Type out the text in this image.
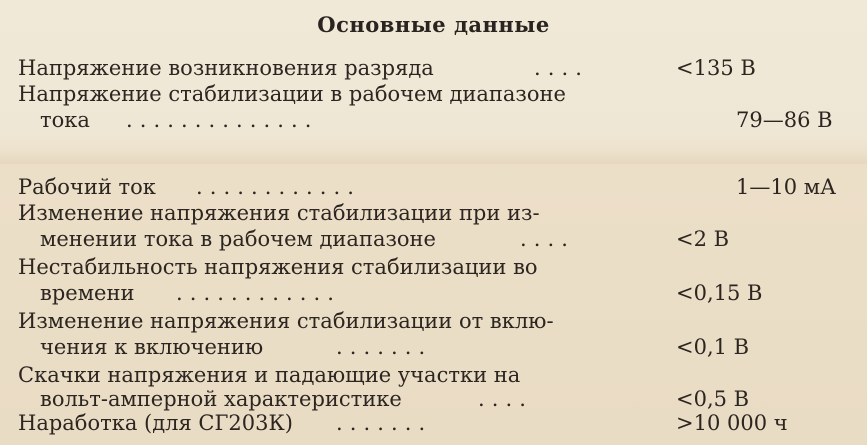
Основные данные
Напряжение возникновения разряда	. . . .	<135 В
Напряжение стабилизации в рабочем диапазоне
тока . . . . . . . . . . . . . .	79—86 В
Рабочий ток . . . . . . . . . . . .	1—10 мА
Изменение напряжения стабилизации при из-
менении тока в рабочем диапазоне	. . . .	<2 В
Нестабильность напряжения стабилизации во
времени . . . . . . . . . . . .	<0,15 В
Изменение напряжения стабилизации от вклю-
чения к включению	. . . . . . .	<0,1 В
Скачки напряжения и падающие участки на
вольт-амперной характеристике	. . . .	<0,5 В
Наработка (для СГ203К) . . . . . . .	>10 000 ч
